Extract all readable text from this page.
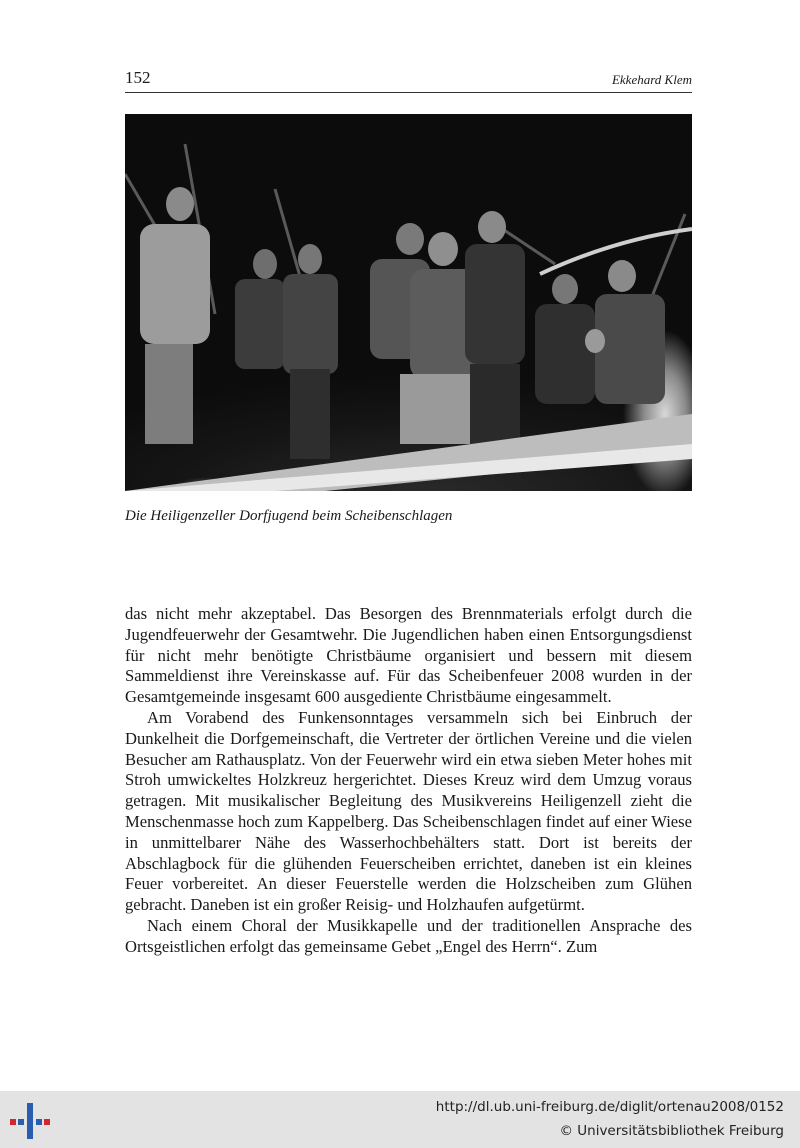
152	Ekkehard Klem
Die Heiligenzeller Dorfjugend beim Scheibenschlagen

das nicht mehr akzeptabel. Das Besorgen des Brennmaterials erfolgt durch die Jugendfeuerwehr der Gesamtwehr. Die Jugendlichen haben einen Entsorgungsdienst für nicht mehr benötigte Christbäume organisiert und bessern mit diesem Sammeldienst ihre Vereinskasse auf. Für das Scheibenfeuer 2008 wurden in der Gesamtgemeinde insgesamt 600 ausgediente Christbäume eingesammelt.

Am Vorabend des Funkensonntages versammeln sich bei Einbruch der Dunkelheit die Dorfgemeinschaft, die Vertreter der örtlichen Vereine und die vielen Besucher am Rathausplatz. Von der Feuerwehr wird ein etwa sieben Meter hohes mit Stroh umwickeltes Holzkreuz hergerichtet. Dieses Kreuz wird dem Umzug voraus getragen. Mit musikalischer Begleitung des Musikvereins Heiligenzell zieht die Menschenmasse hoch zum Kappelberg. Das Scheibenschlagen findet auf einer Wiese in unmittelbarer Nähe des Wasserhochbehälters statt. Dort ist bereits der Abschlagbock für die glühenden Feuerscheiben errichtet, daneben ist ein kleines Feuer vorbereitet. An dieser Feuerstelle werden die Holzscheiben zum Glühen gebracht. Daneben ist ein großer Reisig- und Holzhaufen aufgetürmt.

Nach einem Choral der Musikkapelle und der traditionellen Ansprache des Ortsgeistlichen erfolgt das gemeinsame Gebet „Engel des Herrn“. Zum

http://dl.ub.uni-freiburg.de/diglit/ortenau2008/0152
© Universitätsbibliothek Freiburg
